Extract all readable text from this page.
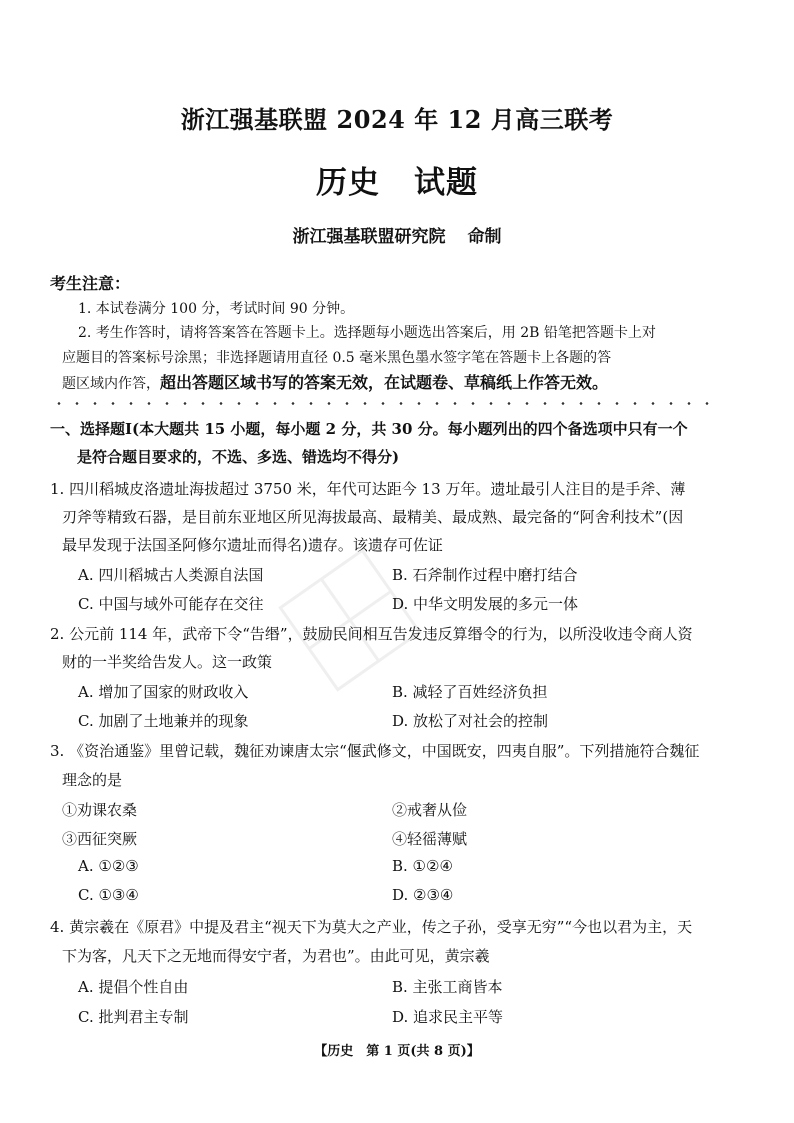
浙江强基联盟 2024 年 12 月高三联考
历史 试题
浙江强基联盟研究院 命制
考生注意：
1. 本试卷满分 100 分，考试时间 90 分钟。
2. 考生作答时，请将答案答在答题卡上。选择题每小题选出答案后，用 2B 铅笔把答题卡上对
应题目的答案标号涂黑；非选择题请用直径 0.5 毫米黑色墨水签字笔在答题卡上各题的答
题区域内作答，超出答题区域书写的答案无效，在试题卷、草稿纸上作答无效。
一、选择题Ⅰ(本大题共 15 小题，每小题 2 分，共 30 分。每小题列出的四个备选项中只有一个
是符合题目要求的，不选、多选、错选均不得分)
1. 四川稻城皮洛遗址海拔超过 3750 米，年代可达距今 13 万年。遗址最引人注目的是手斧、薄
刃斧等精致石器，是目前东亚地区所见海拔最高、最精美、最成熟、最完备的“阿舍利技术”(因
最早发现于法国圣阿修尔遗址而得名)遗存。该遗存可佐证
A. 四川稻城古人类源自法国	B. 石斧制作过程中磨打结合
C. 中国与域外可能存在交往	D. 中华文明发展的多元一体
2. 公元前 114 年，武帝下令“告缗”，鼓励民间相互告发违反算缗令的行为，以所没收违令商人资
财的一半奖给告发人。这一政策
A. 增加了国家的财政收入	B. 减轻了百姓经济负担
C. 加剧了土地兼并的现象	D. 放松了对社会的控制
3. 《资治通鉴》里曾记载，魏征劝谏唐太宗“偃武修文，中国既安，四夷自服”。下列措施符合魏征
理念的是
①劝课农桑	②戒奢从俭
③西征突厥	④轻徭薄赋
A. ①②③	B. ①②④
C. ①③④	D. ②③④
4. 黄宗羲在《原君》中提及君主“视天下为莫大之产业，传之子孙，受享无穷”“今也以君为主，天
下为客，凡天下之无地而得安宁者，为君也”。由此可见，黄宗羲
A. 提倡个性自由	B. 主张工商皆本
C. 批判君主专制	D. 追求民主平等
【历史　第 1 页(共 8 页)】
